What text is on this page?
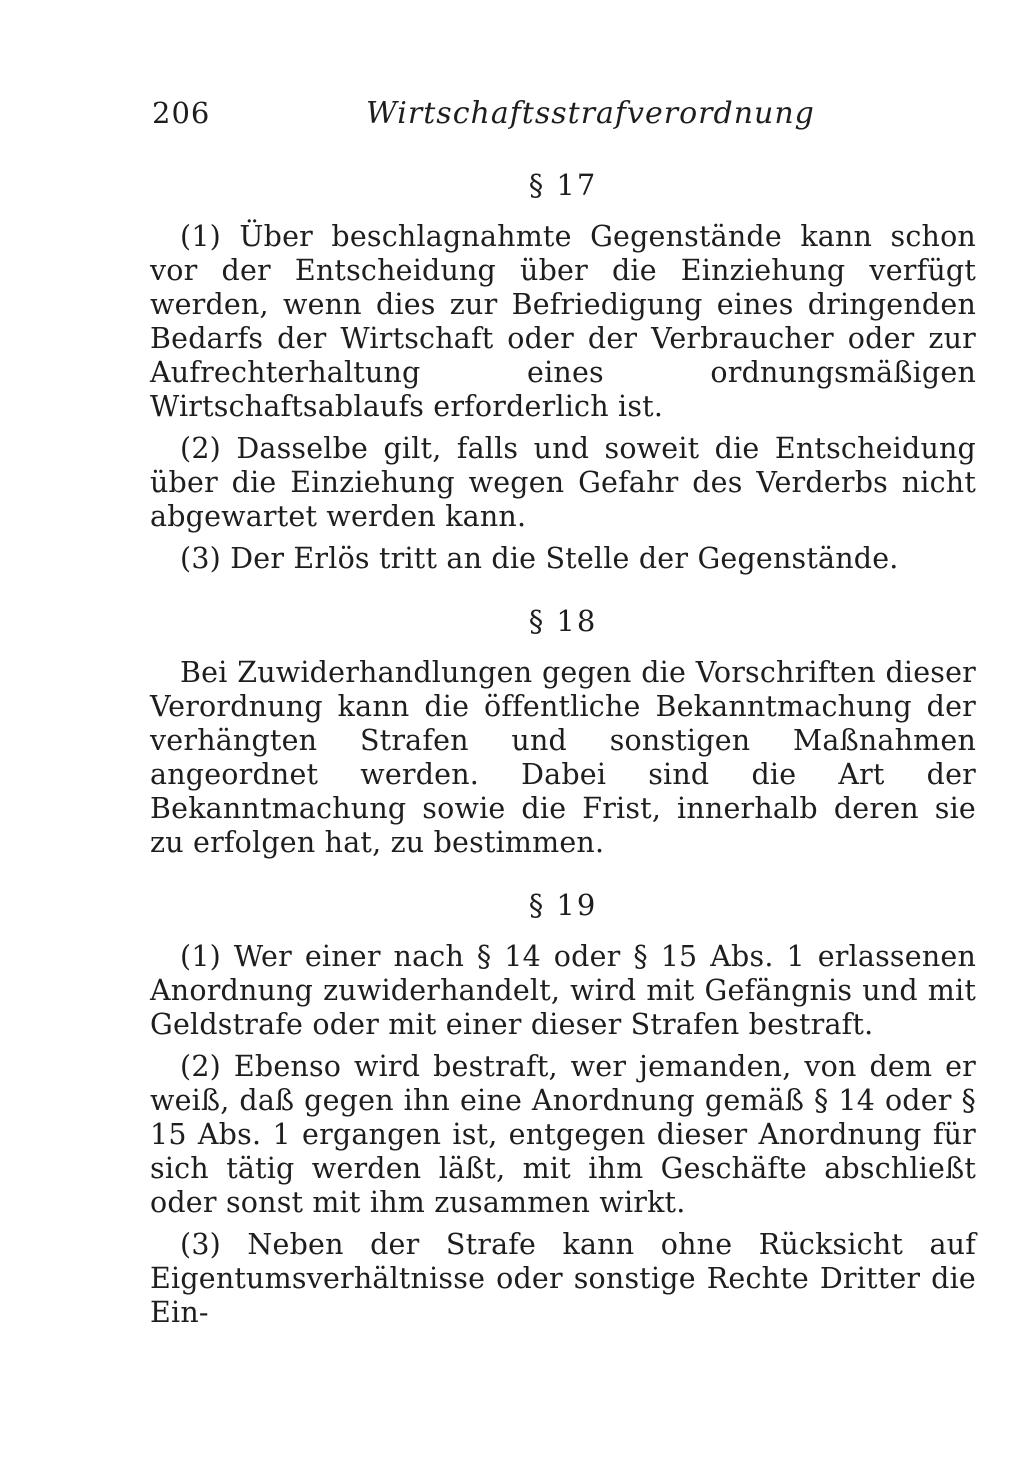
206	Wirtschaftsstrafverordnung
§ 17

(1) Über beschlagnahmte Gegenstände kann schon vor der Entscheidung über die Einziehung verfügt werden, wenn dies zur Befriedigung eines dringenden Bedarfs der Wirtschaft oder der Verbraucher oder zur Aufrechterhaltung eines ordnungsmäßigen Wirtschaftsablaufs erforderlich ist.

(2) Dasselbe gilt, falls und soweit die Entscheidung über die Einziehung wegen Gefahr des Verderbs nicht abgewartet werden kann.

(3) Der Erlös tritt an die Stelle der Gegenstände.

§ 18

Bei Zuwiderhandlungen gegen die Vorschriften dieser Verordnung kann die öffentliche Bekanntmachung der verhängten Strafen und sonstigen Maßnahmen angeordnet werden. Dabei sind die Art der Bekanntmachung sowie die Frist, innerhalb deren sie zu erfolgen hat, zu bestimmen.

§ 19

(1) Wer einer nach § 14 oder § 15 Abs. 1 erlassenen Anordnung zuwiderhandelt, wird mit Gefängnis und mit Geldstrafe oder mit einer dieser Strafen bestraft.

(2) Ebenso wird bestraft, wer jemanden, von dem er weiß, daß gegen ihn eine Anordnung gemäß § 14 oder § 15 Abs. 1 ergangen ist, entgegen dieser Anordnung für sich tätig werden läßt, mit ihm Geschäfte abschließt oder sonst mit ihm zusammen wirkt.

(3) Neben der Strafe kann ohne Rücksicht auf Eigentumsverhältnisse oder sonstige Rechte Dritter die Ein-
